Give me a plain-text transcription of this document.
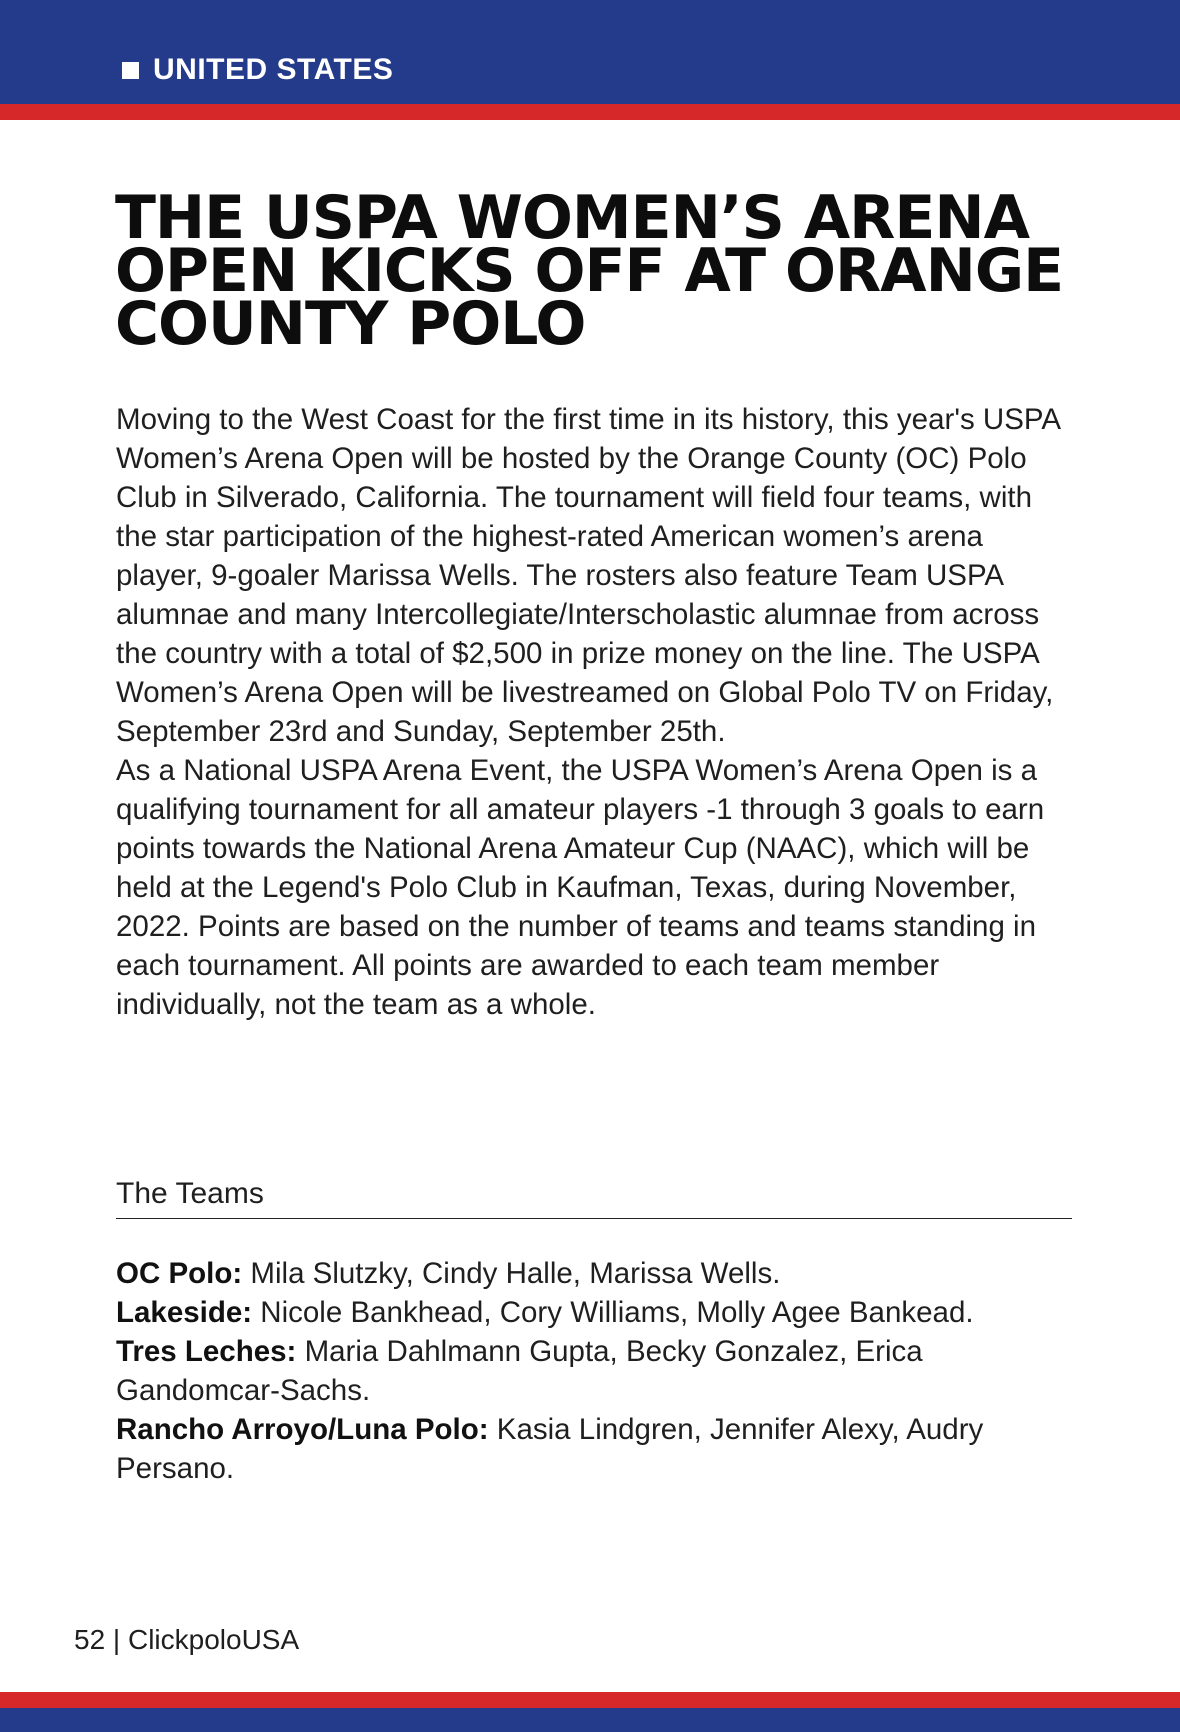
UNITED STATES
THE USPA WOMEN’S ARENA
OPEN KICKS OFF AT ORANGE
COUNTY POLO

Moving to the West Coast for the first time in its history, this year's USPA Women’s Arena Open will be hosted by the Orange County (OC) Polo Club in Silverado, California. The tournament will field four teams, with the star participation of the highest-rated American women’s arena player, 9-goaler Marissa Wells. The rosters also feature Team USPA alumnae and many Intercollegiate/Interscholastic alumnae from across the country with a total of $2,500 in prize money on the line. The USPA Women’s Arena Open will be livestreamed on Global Polo TV on Friday, September 23rd and Sunday, September 25th.

As a National USPA Arena Event, the USPA Women’s Arena Open is a qualifying tournament for all amateur players -1 through 3 goals to earn points towards the National Arena Amateur Cup (NAAC), which will be held at the Legend's Polo Club in Kaufman, Texas, during November, 2022. Points are based on the number of teams and teams standing in each tournament. All points are awarded to each team member individually, not the team as a whole.

The Teams

OC Polo: Mila Slutzky, Cindy Halle, Marissa Wells.

Lakeside: Nicole Bankhead, Cory Williams, Molly Agee Bankead.

Tres Leches: Maria Dahlmann Gupta, Becky Gonzalez, Erica Gandomcar-Sachs.

Rancho Arroyo/Luna Polo: Kasia Lindgren, Jennifer Alexy, Audry Persano.

52 | ClickpoloUSA
